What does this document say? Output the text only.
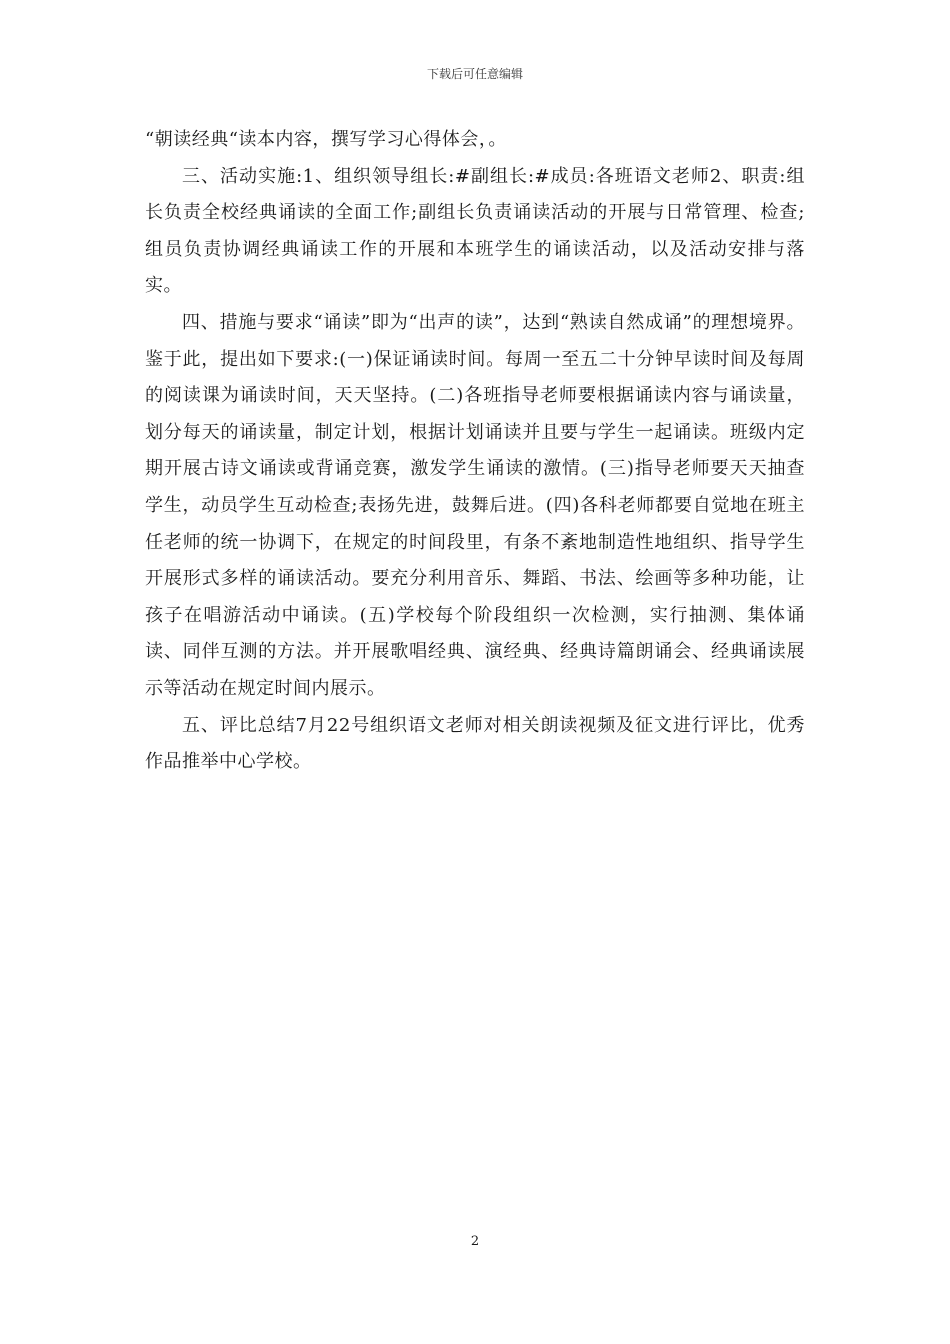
下载后可任意编辑

“朝读经典“读本内容，撰写学习心得体会，。

三、活动实施:1、组织领导组长:#副组长:#成员:各班语文老师2、职责:组长负责全校经典诵读的全面工作;副组长负责诵读活动的开展与日常管理、检查;组员负责协调经典诵读工作的开展和本班学生的诵读活动，以及活动安排与落实。

四、措施与要求“诵读”即为“出声的读”，达到“熟读自然成诵”的理想境界。鉴于此，提出如下要求:(一)保证诵读时间。每周一至五二十分钟早读时间及每周的阅读课为诵读时间，天天坚持。(二)各班指导老师要根据诵读内容与诵读量，划分每天的诵读量，制定计划，根据计划诵读并且要与学生一起诵读。班级内定期开展古诗文诵读或背诵竞赛，激发学生诵读的激情。(三)指导老师要天天抽查学生，动员学生互动检查;表扬先进，鼓舞后进。(四)各科老师都要自觉地在班主任老师的统一协调下，在规定的时间段里，有条不紊地制造性地组织、指导学生开展形式多样的诵读活动。要充分利用音乐、舞蹈、书法、绘画等多种功能，让孩子在唱游活动中诵读。(五)学校每个阶段组织一次检测，实行抽测、集体诵读、同伴互测的方法。并开展歌唱经典、演经典、经典诗篇朗诵会、经典诵读展示等活动在规定时间内展示。

五、评比总结7月22号组织语文老师对相关朗读视频及征文进行评比，优秀作品推举中心学校。

2
